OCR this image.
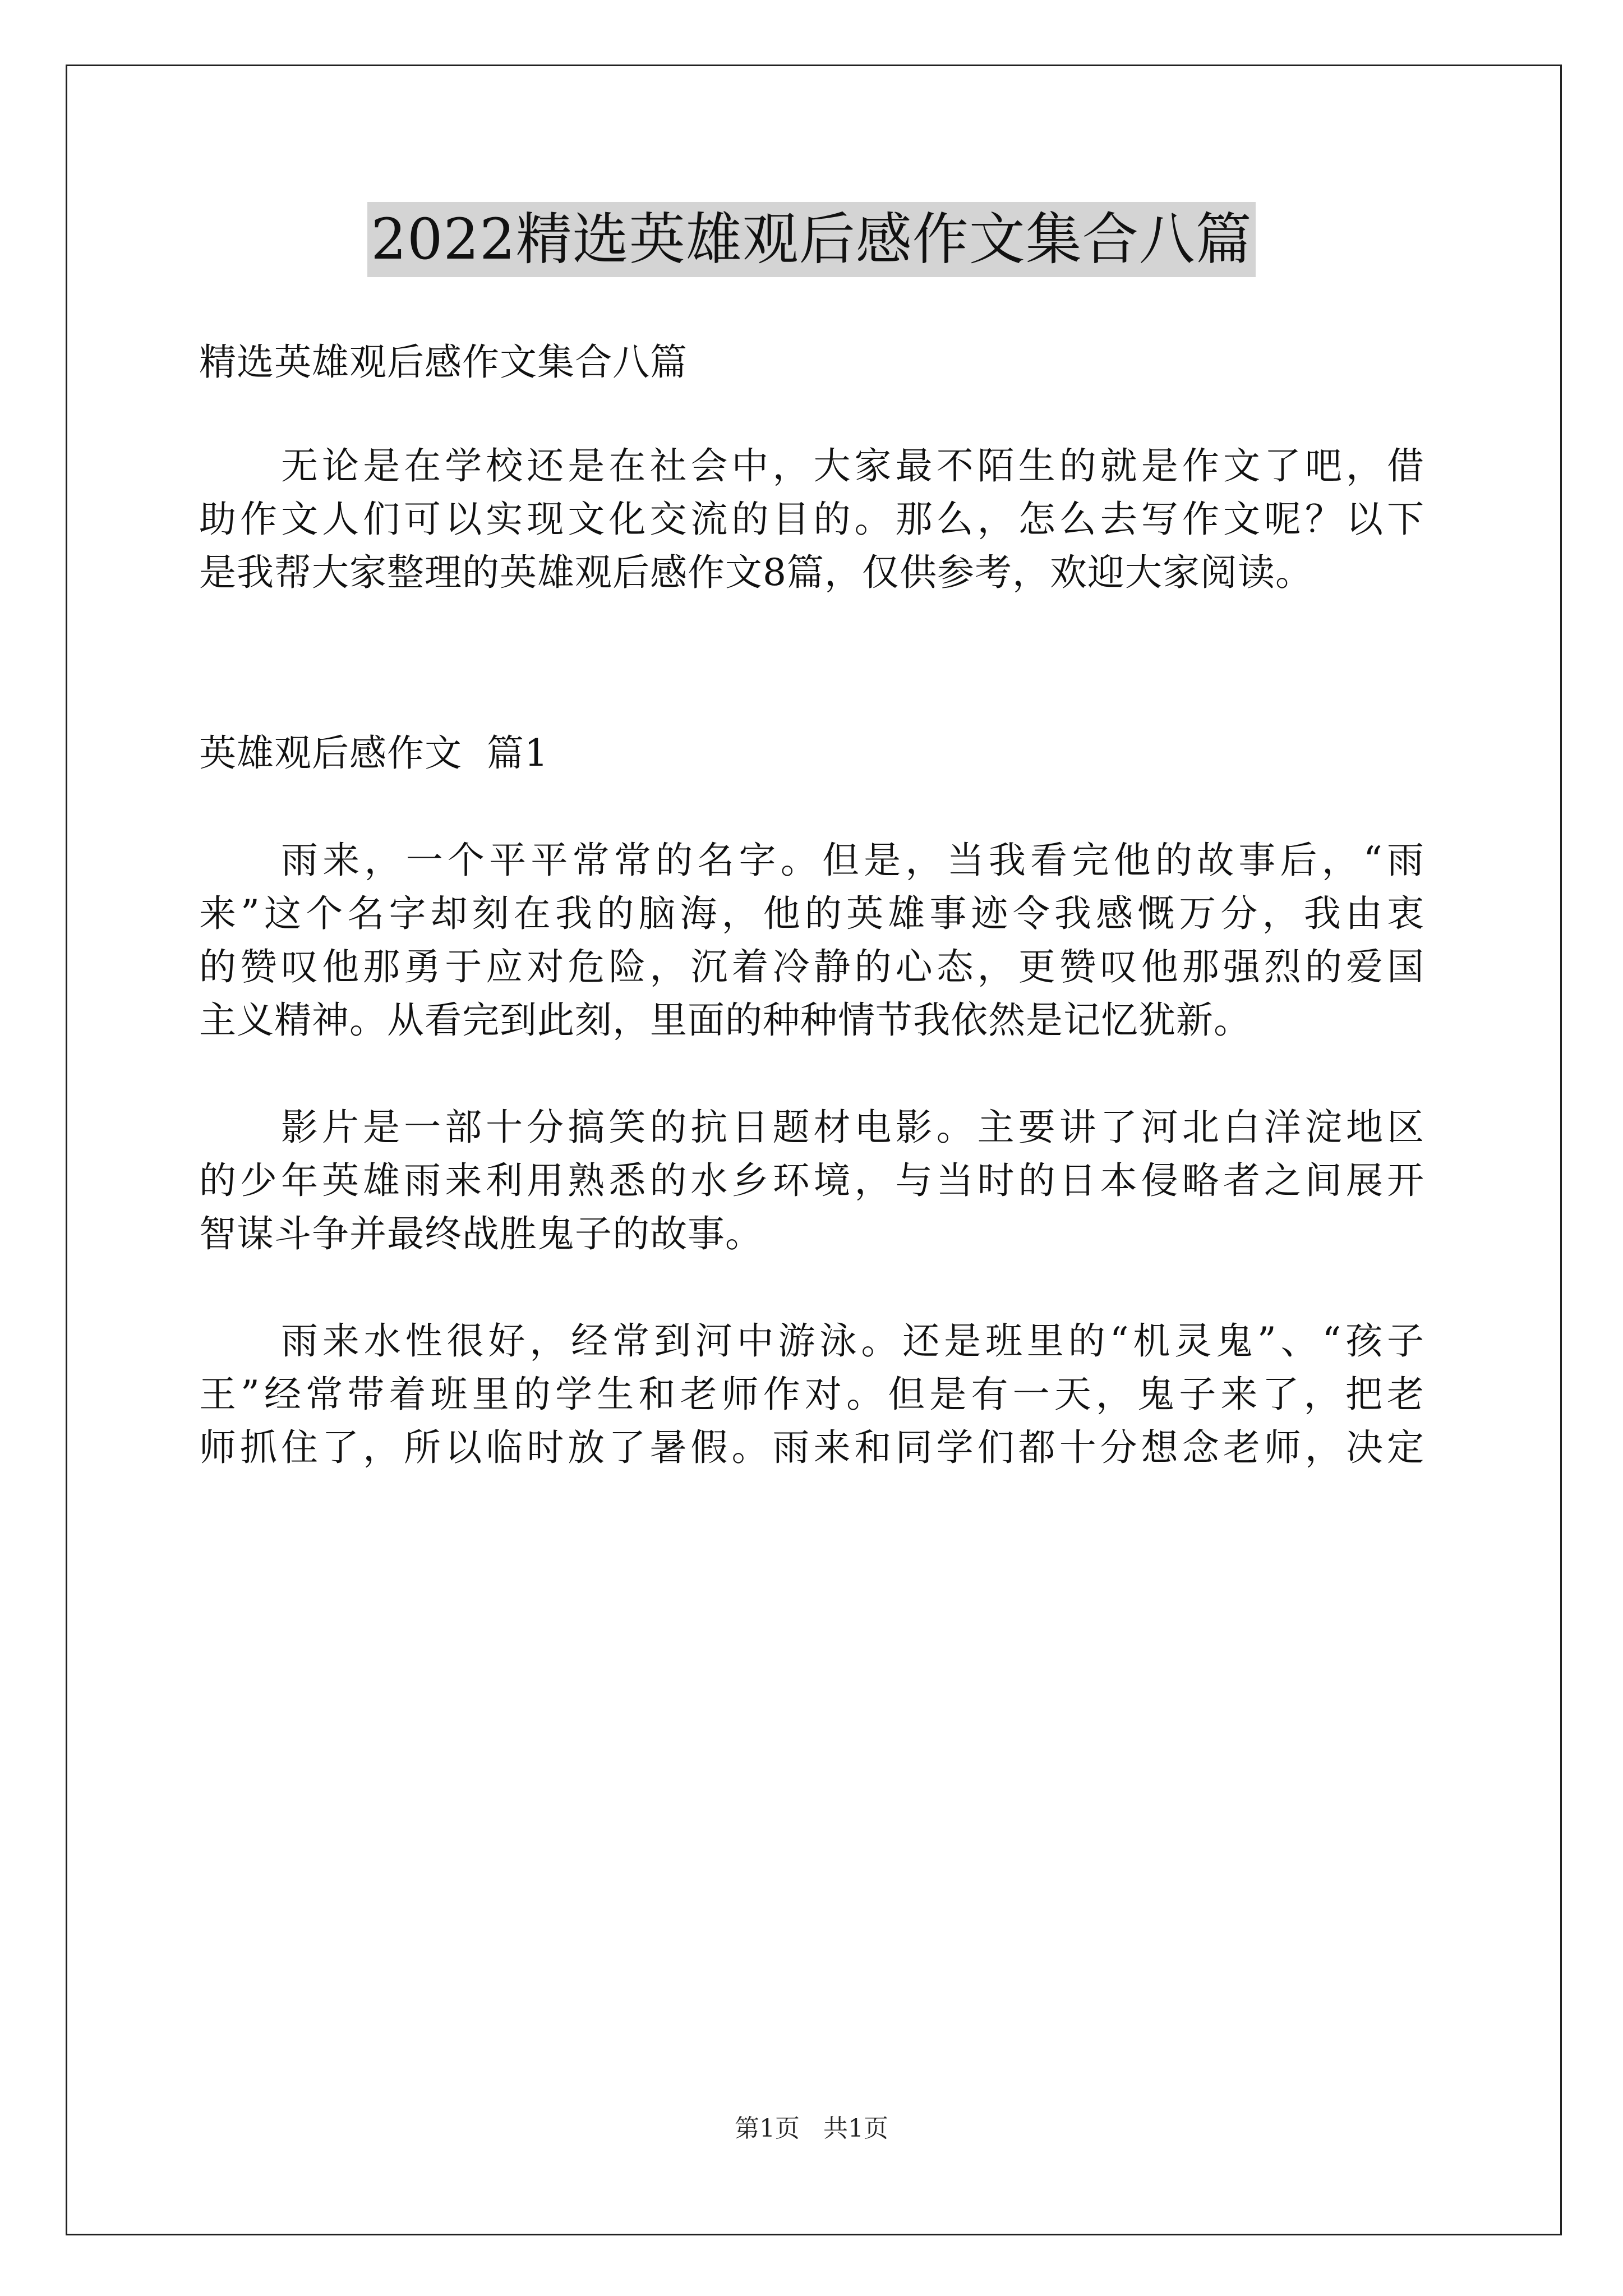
2022精选英雄观后感作文集合八篇
精选英雄观后感作文集合八篇
无论是在学校还是在社会中，大家最不陌生的就是作文了吧，借
助作文人们可以实现文化交流的目的。那么，怎么去写作文呢？以下
是我帮大家整理的英雄观后感作文8篇，仅供参考，欢迎大家阅读。
英雄观后感作文  篇1
雨来，一个平平常常的名字。但是，当我看完他的故事后，“雨
来”这个名字却刻在我的脑海，他的英雄事迹令我感慨万分，我由衷
的赞叹他那勇于应对危险，沉着冷静的心态，更赞叹他那强烈的爱国
主义精神。从看完到此刻，里面的种种情节我依然是记忆犹新。
影片是一部十分搞笑的抗日题材电影。主要讲了河北白洋淀地区
的少年英雄雨来利用熟悉的水乡环境，与当时的日本侵略者之间展开
智谋斗争并最终战胜鬼子的故事。
雨来水性很好，经常到河中游泳。还是班里的“机灵鬼”、“孩子
王”经常带着班里的学生和老师作对。但是有一天，鬼子来了，把老
师抓住了，所以临时放了暑假。雨来和同学们都十分想念老师，决定
第1页   共1页
